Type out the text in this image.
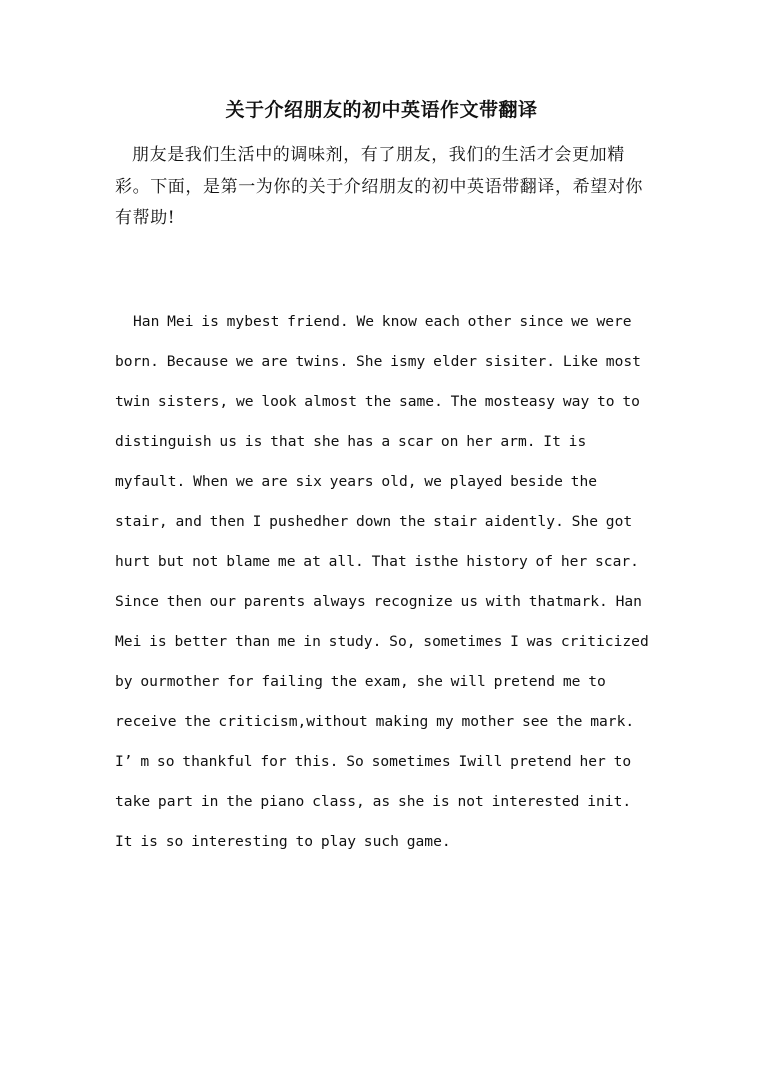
关于介绍朋友的初中英语作文带翻译

朋友是我们生活中的调味剂，有了朋友，我们的生活才会更加精彩。下面，是第一为你的关于介绍朋友的初中英语带翻译，希望对你有帮助!

Han Mei is mybest friend. We know each other since we were born. Because we are twins. She ismy elder sisiter. Like most twin sisters, we look almost the same. The mosteasy way to to distinguish us is that she has a scar on her arm. It is myfault. When we are six years old, we played beside the stair, and then I pushedher down the stair aidently. She got hurt but not blame me at all. That isthe history of her scar. Since then our parents always recognize us with thatmark. Han Mei is better than me in study. So, sometimes I was criticized by ourmother for failing the exam, she will pretend me to receive the criticism,without making my mother see the mark. I’ m so thankful for this. So sometimes Iwill pretend her to take part in the piano class, as she is not interested init. It is so interesting to play such game.
